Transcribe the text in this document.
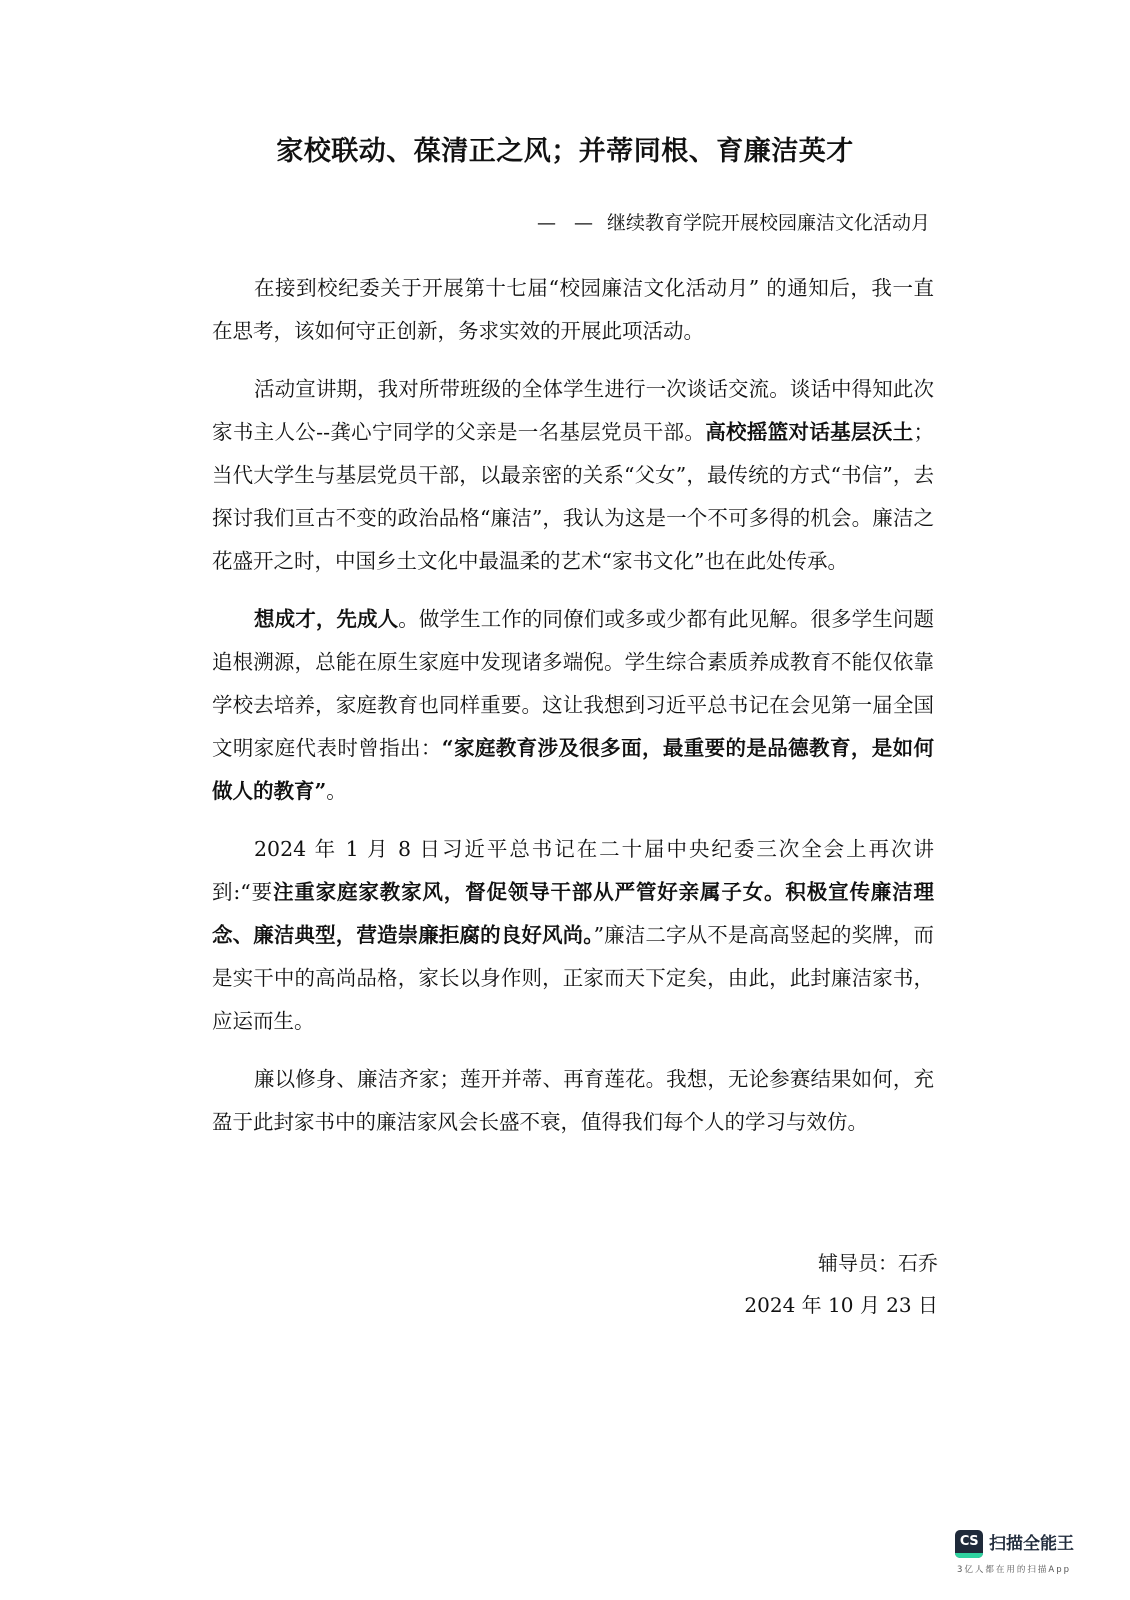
家校联动、葆清正之风；并蒂同根、育廉洁英才
— — 继续教育学院开展校园廉洁文化活动月

在接到校纪委关于开展第十七届“校园廉洁文化活动月” 的通知后，我一直在思考，该如何守正创新，务求实效的开展此项活动。

活动宣讲期，我对所带班级的全体学生进行一次谈话交流。谈话中得知此次家书主人公--龚心宁同学的父亲是一名基层党员干部。高校摇篮对话基层沃土；当代大学生与基层党员干部，以最亲密的关系“父女”，最传统的方式“书信”，去探讨我们亘古不变的政治品格“廉洁”，我认为这是一个不可多得的机会。廉洁之花盛开之时，中国乡土文化中最温柔的艺术“家书文化”也在此处传承。

想成才，先成人。做学生工作的同僚们或多或少都有此见解。很多学生问题追根溯源，总能在原生家庭中发现诸多端倪。学生综合素质养成教育不能仅依靠学校去培养，家庭教育也同样重要。这让我想到习近平总书记在会见第一届全国文明家庭代表时曾指出：“家庭教育涉及很多面，最重要的是品德教育，是如何做人的教育”。

2024 年 1 月 8 日习近平总书记在二十届中央纪委三次全会上再次讲到:“要注重家庭家教家风，督促领导干部从严管好亲属子女。积极宣传廉洁理念、廉洁典型，营造崇廉拒腐的良好风尚。”廉洁二字从不是高高竖起的奖牌，而是实干中的高尚品格，家长以身作则，正家而天下定矣，由此，此封廉洁家书，应运而生。

廉以修身、廉洁齐家；莲开并蒂、再育莲花。我想，无论参赛结果如何，充盈于此封家书中的廉洁家风会长盛不衰，值得我们每个人的学习与效仿。

辅导员：石乔
2024 年 10 月 23 日
CS 扫描全能王
3亿人都在用的扫描App
